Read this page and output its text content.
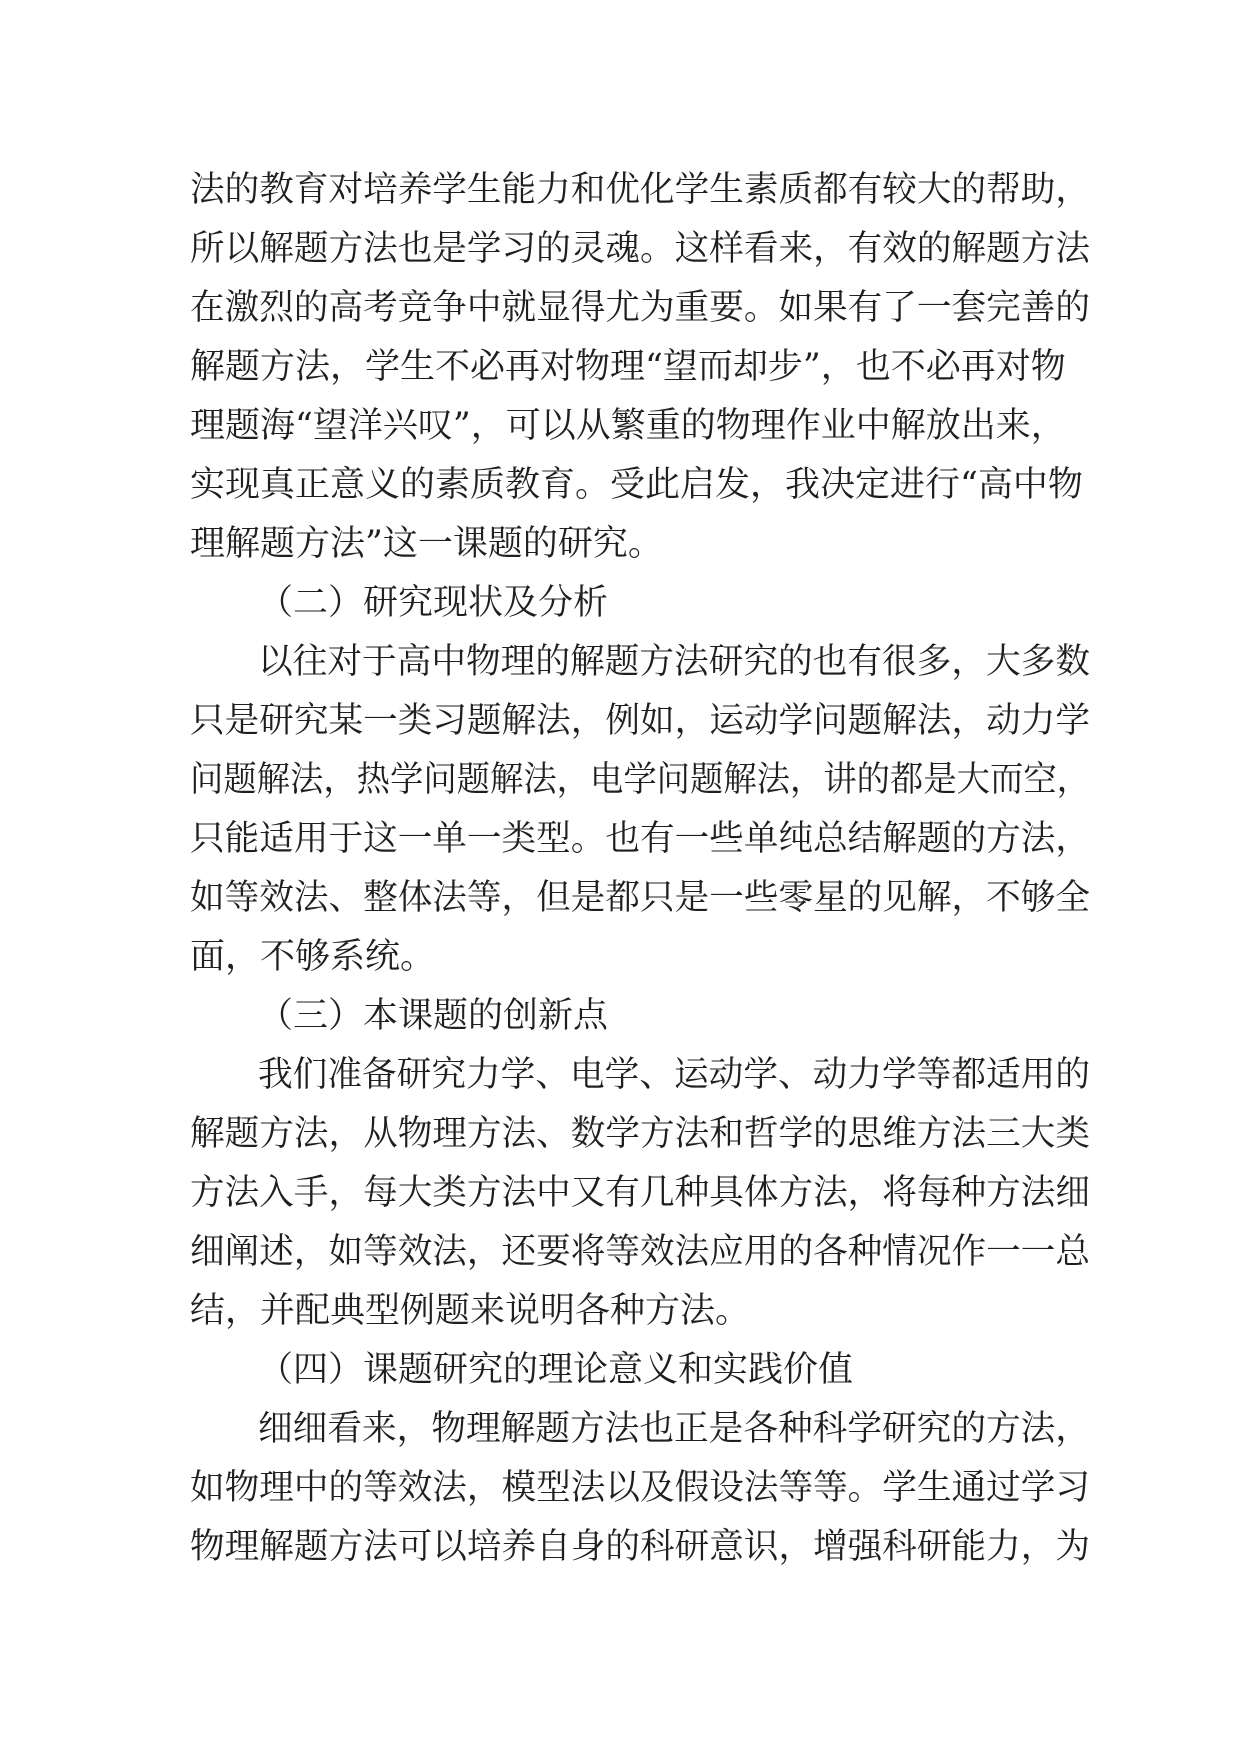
法的教育对培养学生能力和优化学生素质都有较大的帮助，
所以解题方法也是学习的灵魂。这样看来，有效的解题方法
在激烈的高考竞争中就显得尤为重要。如果有了一套完善的
解题方法，学生不必再对物理“望而却步”，也不必再对物
理题海“望洋兴叹”，可以从繁重的物理作业中解放出来，
实现真正意义的素质教育。受此启发，我决定进行“高中物
理解题方法”这一课题的研究。
（二）研究现状及分析
以往对于高中物理的解题方法研究的也有很多，大多数
只是研究某一类习题解法，例如，运动学问题解法，动力学
问题解法，热学问题解法，电学问题解法，讲的都是大而空，
只能适用于这一单一类型。也有一些单纯总结解题的方法，
如等效法、整体法等，但是都只是一些零星的见解，不够全
面，不够系统。
（三）本课题的创新点
我们准备研究力学、电学、运动学、动力学等都适用的
解题方法，从物理方法、数学方法和哲学的思维方法三大类
方法入手，每大类方法中又有几种具体方法，将每种方法细
细阐述，如等效法，还要将等效法应用的各种情况作一一总
结，并配典型例题来说明各种方法。
（四）课题研究的理论意义和实践价值
细细看来，物理解题方法也正是各种科学研究的方法，
如物理中的等效法，模型法以及假设法等等。学生通过学习
物理解题方法可以培养自身的科研意识，增强科研能力，为
